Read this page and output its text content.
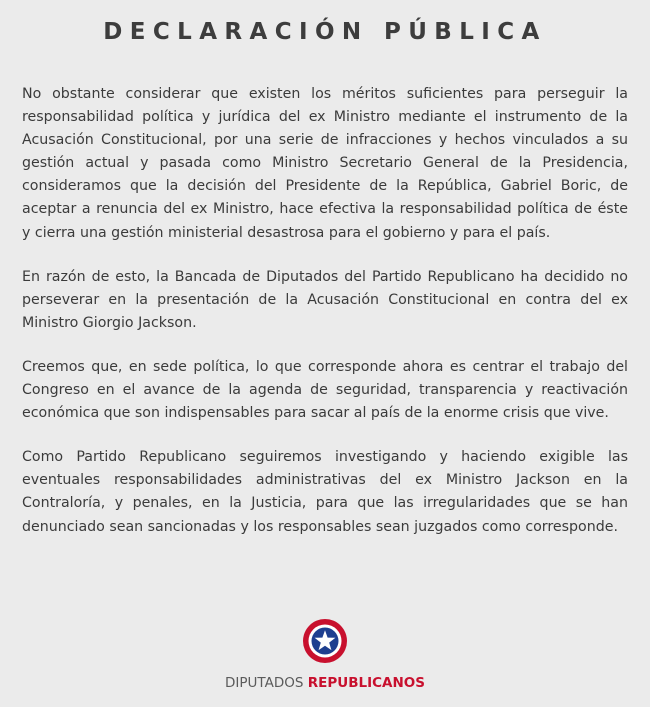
DECLARACIÓN PÚBLICA

No obstante considerar que existen los méritos suficientes para perseguir la responsabilidad política y jurídica del ex Ministro mediante el instrumento de la Acusación Constitucional, por una serie de infracciones y hechos vinculados a su gestión actual y pasada como Ministro Secretario General de la Presidencia, consideramos que la decisión del Presidente de la República, Gabriel Boric, de aceptar a renuncia del ex Ministro, hace efectiva la responsabilidad política de éste y cierra una gestión ministerial desastrosa para el gobierno y para el país.

En razón de esto, la Bancada de Diputados del Partido Republicano ha decidido no perseverar en la presentación de la Acusación Constitucional en contra del ex Ministro Giorgio Jackson.

Creemos que, en sede política, lo que corresponde ahora es centrar el trabajo del Congreso en el avance de la agenda de seguridad, transparencia y reactivación económica que son indispensables para sacar al país de la enorme crisis que vive.

Como Partido Republicano seguiremos investigando y haciendo exigible las eventuales responsabilidades administrativas del ex Ministro Jackson en la Contraloría, y penales, en la Justicia, para que las irregularidades que se han denunciado sean sancionadas y los responsables sean juzgados como corresponde.

DIPUTADOS REPUBLICANOS
